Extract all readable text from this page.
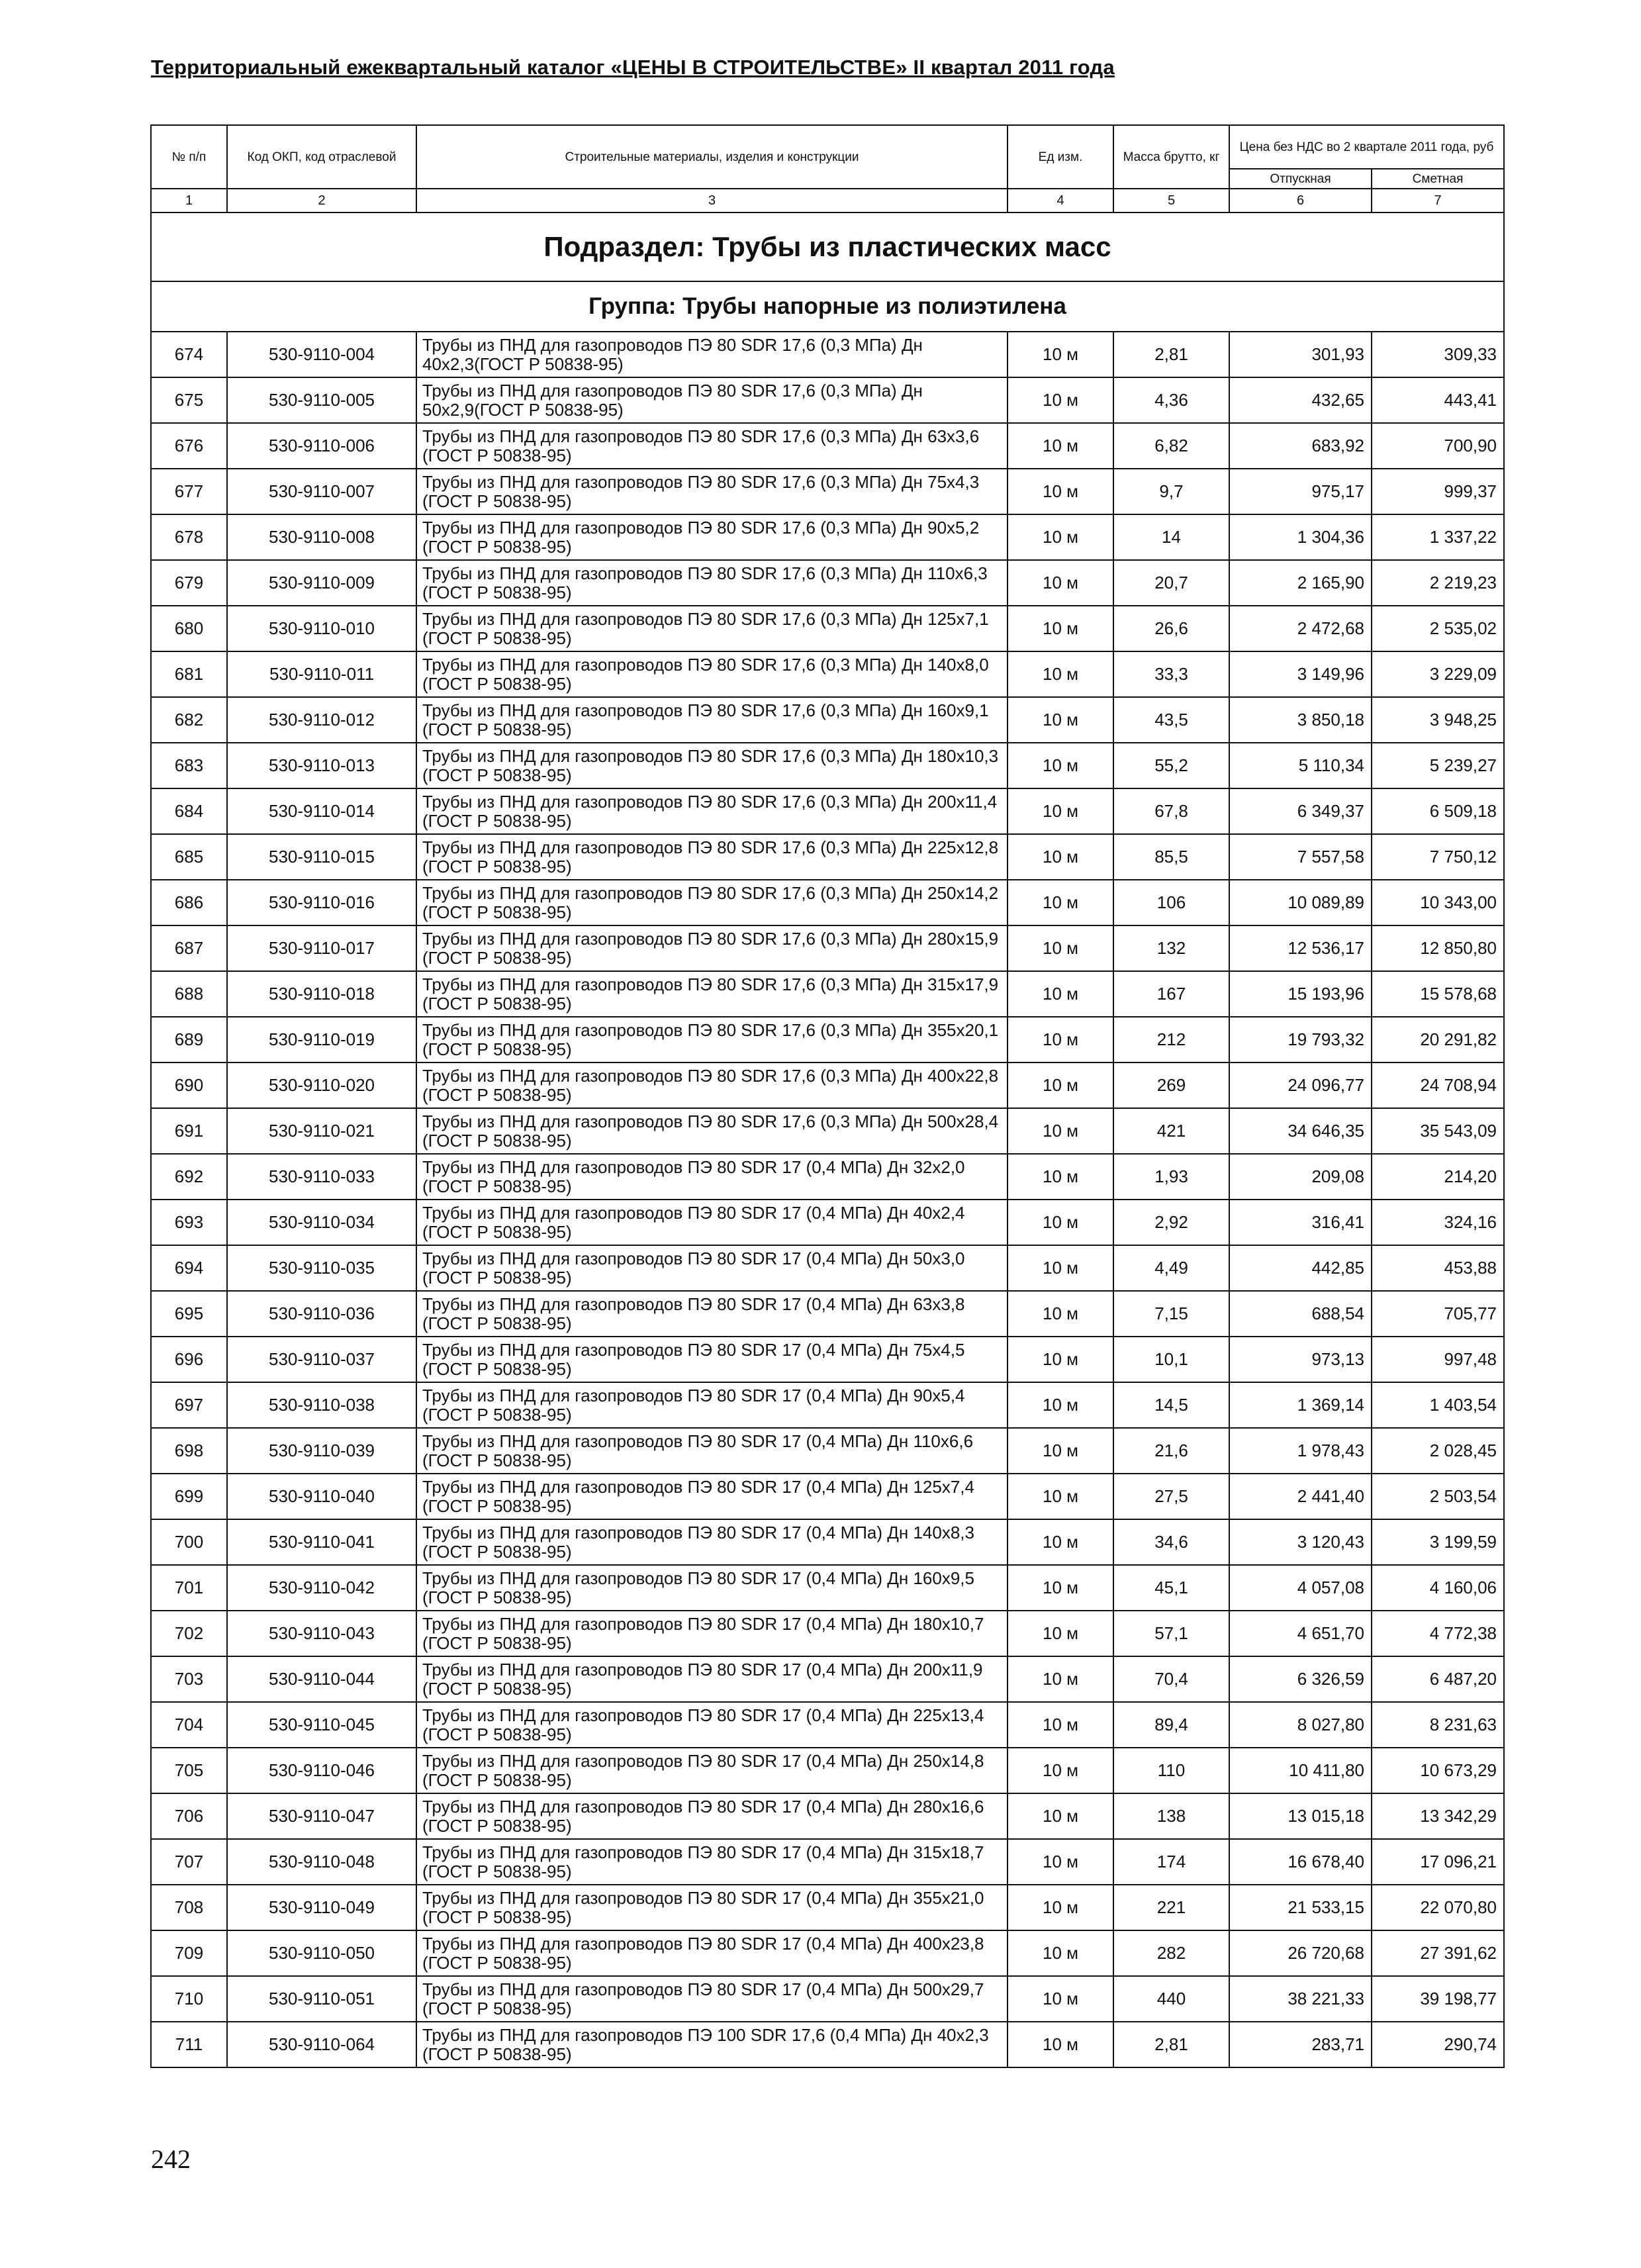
Территориальный ежеквартальный каталог «ЦЕНЫ В СТРОИТЕЛЬСТВЕ» II квартал 2011 года
№ п/п	Код ОКП, код отраслевой	Строительные материалы, изделия и конструкции	Ед изм.	Масса брутто, кг	Цена без НДС во 2 квартале 2011 года, руб	
					Отпускная	Сметная
1	2	3	4	5	6	7
Подраздел: Трубы из пластических масс						
Группа: Трубы напорные из полиэтилена						
674	530-9110-004	Трубы из ПНД для газопроводов ПЭ 80 SDR 17,6 (0,3 МПа) Дн 40х2,3(ГОСТ Р 50838-95)	10 м	2,81	301,93	309,33
675	530-9110-005	Трубы из ПНД для газопроводов ПЭ 80 SDR 17,6 (0,3 МПа) Дн 50х2,9(ГОСТ Р 50838-95)	10 м	4,36	432,65	443,41
676	530-9110-006	Трубы из ПНД для газопроводов ПЭ 80 SDR 17,6 (0,3 МПа) Дн 63х3,6 (ГОСТ Р 50838-95)	10 м	6,82	683,92	700,90
677	530-9110-007	Трубы из ПНД для газопроводов ПЭ 80 SDR 17,6 (0,3 МПа) Дн 75х4,3 (ГОСТ Р 50838-95)	10 м	9,7	975,17	999,37
678	530-9110-008	Трубы из ПНД для газопроводов ПЭ 80 SDR 17,6 (0,3 МПа) Дн 90х5,2 (ГОСТ Р 50838-95)	10 м	14	1 304,36	1 337,22
679	530-9110-009	Трубы из ПНД для газопроводов ПЭ 80 SDR 17,6 (0,3 МПа) Дн 110х6,3 (ГОСТ Р 50838-95)	10 м	20,7	2 165,90	2 219,23
680	530-9110-010	Трубы из ПНД для газопроводов ПЭ 80 SDR 17,6 (0,3 МПа) Дн 125х7,1 (ГОСТ Р 50838-95)	10 м	26,6	2 472,68	2 535,02
681	530-9110-011	Трубы из ПНД для газопроводов ПЭ 80 SDR 17,6 (0,3 МПа) Дн 140х8,0 (ГОСТ Р 50838-95)	10 м	33,3	3 149,96	3 229,09
682	530-9110-012	Трубы из ПНД для газопроводов ПЭ 80 SDR 17,6 (0,3 МПа) Дн 160х9,1 (ГОСТ Р 50838-95)	10 м	43,5	3 850,18	3 948,25
683	530-9110-013	Трубы из ПНД для газопроводов ПЭ 80 SDR 17,6 (0,3 МПа) Дн 180х10,3 (ГОСТ Р 50838-95)	10 м	55,2	5 110,34	5 239,27
684	530-9110-014	Трубы из ПНД для газопроводов ПЭ 80 SDR 17,6 (0,3 МПа) Дн 200х11,4 (ГОСТ Р 50838-95)	10 м	67,8	6 349,37	6 509,18
685	530-9110-015	Трубы из ПНД для газопроводов ПЭ 80 SDR 17,6 (0,3 МПа) Дн 225х12,8 (ГОСТ Р 50838-95)	10 м	85,5	7 557,58	7 750,12
686	530-9110-016	Трубы из ПНД для газопроводов ПЭ 80 SDR 17,6 (0,3 МПа) Дн 250х14,2 (ГОСТ Р 50838-95)	10 м	106	10 089,89	10 343,00
687	530-9110-017	Трубы из ПНД для газопроводов ПЭ 80 SDR 17,6 (0,3 МПа) Дн 280х15,9 (ГОСТ Р 50838-95)	10 м	132	12 536,17	12 850,80
688	530-9110-018	Трубы из ПНД для газопроводов ПЭ 80 SDR 17,6 (0,3 МПа) Дн 315х17,9 (ГОСТ Р 50838-95)	10 м	167	15 193,96	15 578,68
689	530-9110-019	Трубы из ПНД для газопроводов ПЭ 80 SDR 17,6 (0,3 МПа) Дн 355х20,1 (ГОСТ Р 50838-95)	10 м	212	19 793,32	20 291,82
690	530-9110-020	Трубы из ПНД для газопроводов ПЭ 80 SDR 17,6 (0,3 МПа) Дн 400х22,8 (ГОСТ Р 50838-95)	10 м	269	24 096,77	24 708,94
691	530-9110-021	Трубы из ПНД для газопроводов ПЭ 80 SDR 17,6 (0,3 МПа) Дн 500х28,4 (ГОСТ Р 50838-95)	10 м	421	34 646,35	35 543,09
692	530-9110-033	Трубы из ПНД для газопроводов ПЭ 80 SDR 17 (0,4 МПа) Дн 32х2,0 (ГОСТ Р 50838-95)	10 м	1,93	209,08	214,20
693	530-9110-034	Трубы из ПНД для газопроводов ПЭ 80 SDR 17 (0,4 МПа) Дн 40х2,4 (ГОСТ Р 50838-95)	10 м	2,92	316,41	324,16
694	530-9110-035	Трубы из ПНД для газопроводов ПЭ 80 SDR 17 (0,4 МПа) Дн 50х3,0 (ГОСТ Р 50838-95)	10 м	4,49	442,85	453,88
695	530-9110-036	Трубы из ПНД для газопроводов ПЭ 80 SDR 17 (0,4 МПа) Дн 63х3,8 (ГОСТ Р 50838-95)	10 м	7,15	688,54	705,77
696	530-9110-037	Трубы из ПНД для газопроводов ПЭ 80 SDR 17 (0,4 МПа) Дн 75х4,5 (ГОСТ Р 50838-95)	10 м	10,1	973,13	997,48
697	530-9110-038	Трубы из ПНД для газопроводов ПЭ 80 SDR 17 (0,4 МПа) Дн 90х5,4 (ГОСТ Р 50838-95)	10 м	14,5	1 369,14	1 403,54
698	530-9110-039	Трубы из ПНД для газопроводов ПЭ 80 SDR 17 (0,4 МПа) Дн 110х6,6 (ГОСТ Р 50838-95)	10 м	21,6	1 978,43	2 028,45
699	530-9110-040	Трубы из ПНД для газопроводов ПЭ 80 SDR 17 (0,4 МПа) Дн 125х7,4 (ГОСТ Р 50838-95)	10 м	27,5	2 441,40	2 503,54
700	530-9110-041	Трубы из ПНД для газопроводов ПЭ 80 SDR 17 (0,4 МПа) Дн 140х8,3 (ГОСТ Р 50838-95)	10 м	34,6	3 120,43	3 199,59
701	530-9110-042	Трубы из ПНД для газопроводов ПЭ 80 SDR 17 (0,4 МПа) Дн 160х9,5 (ГОСТ Р 50838-95)	10 м	45,1	4 057,08	4 160,06
702	530-9110-043	Трубы из ПНД для газопроводов ПЭ 80 SDR 17 (0,4 МПа) Дн 180х10,7 (ГОСТ Р 50838-95)	10 м	57,1	4 651,70	4 772,38
703	530-9110-044	Трубы из ПНД для газопроводов ПЭ 80 SDR 17 (0,4 МПа) Дн 200х11,9 (ГОСТ Р 50838-95)	10 м	70,4	6 326,59	6 487,20
704	530-9110-045	Трубы из ПНД для газопроводов ПЭ 80 SDR 17 (0,4 МПа) Дн 225х13,4 (ГОСТ Р 50838-95)	10 м	89,4	8 027,80	8 231,63
705	530-9110-046	Трубы из ПНД для газопроводов ПЭ 80 SDR 17 (0,4 МПа) Дн 250х14,8 (ГОСТ Р 50838-95)	10 м	110	10 411,80	10 673,29
706	530-9110-047	Трубы из ПНД для газопроводов ПЭ 80 SDR 17 (0,4 МПа) Дн 280х16,6 (ГОСТ Р 50838-95)	10 м	138	13 015,18	13 342,29
707	530-9110-048	Трубы из ПНД для газопроводов ПЭ 80 SDR 17 (0,4 МПа) Дн 315х18,7 (ГОСТ Р 50838-95)	10 м	174	16 678,40	17 096,21
708	530-9110-049	Трубы из ПНД для газопроводов ПЭ 80 SDR 17 (0,4 МПа) Дн 355х21,0 (ГОСТ Р 50838-95)	10 м	221	21 533,15	22 070,80
709	530-9110-050	Трубы из ПНД для газопроводов ПЭ 80 SDR 17 (0,4 МПа) Дн 400х23,8 (ГОСТ Р 50838-95)	10 м	282	26 720,68	27 391,62
710	530-9110-051	Трубы из ПНД для газопроводов ПЭ 80 SDR 17 (0,4 МПа) Дн 500х29,7 (ГОСТ Р 50838-95)	10 м	440	38 221,33	39 198,77
711	530-9110-064	Трубы из ПНД для газопроводов ПЭ 100 SDR 17,6 (0,4 МПа) Дн 40х2,3 (ГОСТ Р 50838-95)	10 м	2,81	283,71	290,74
242
